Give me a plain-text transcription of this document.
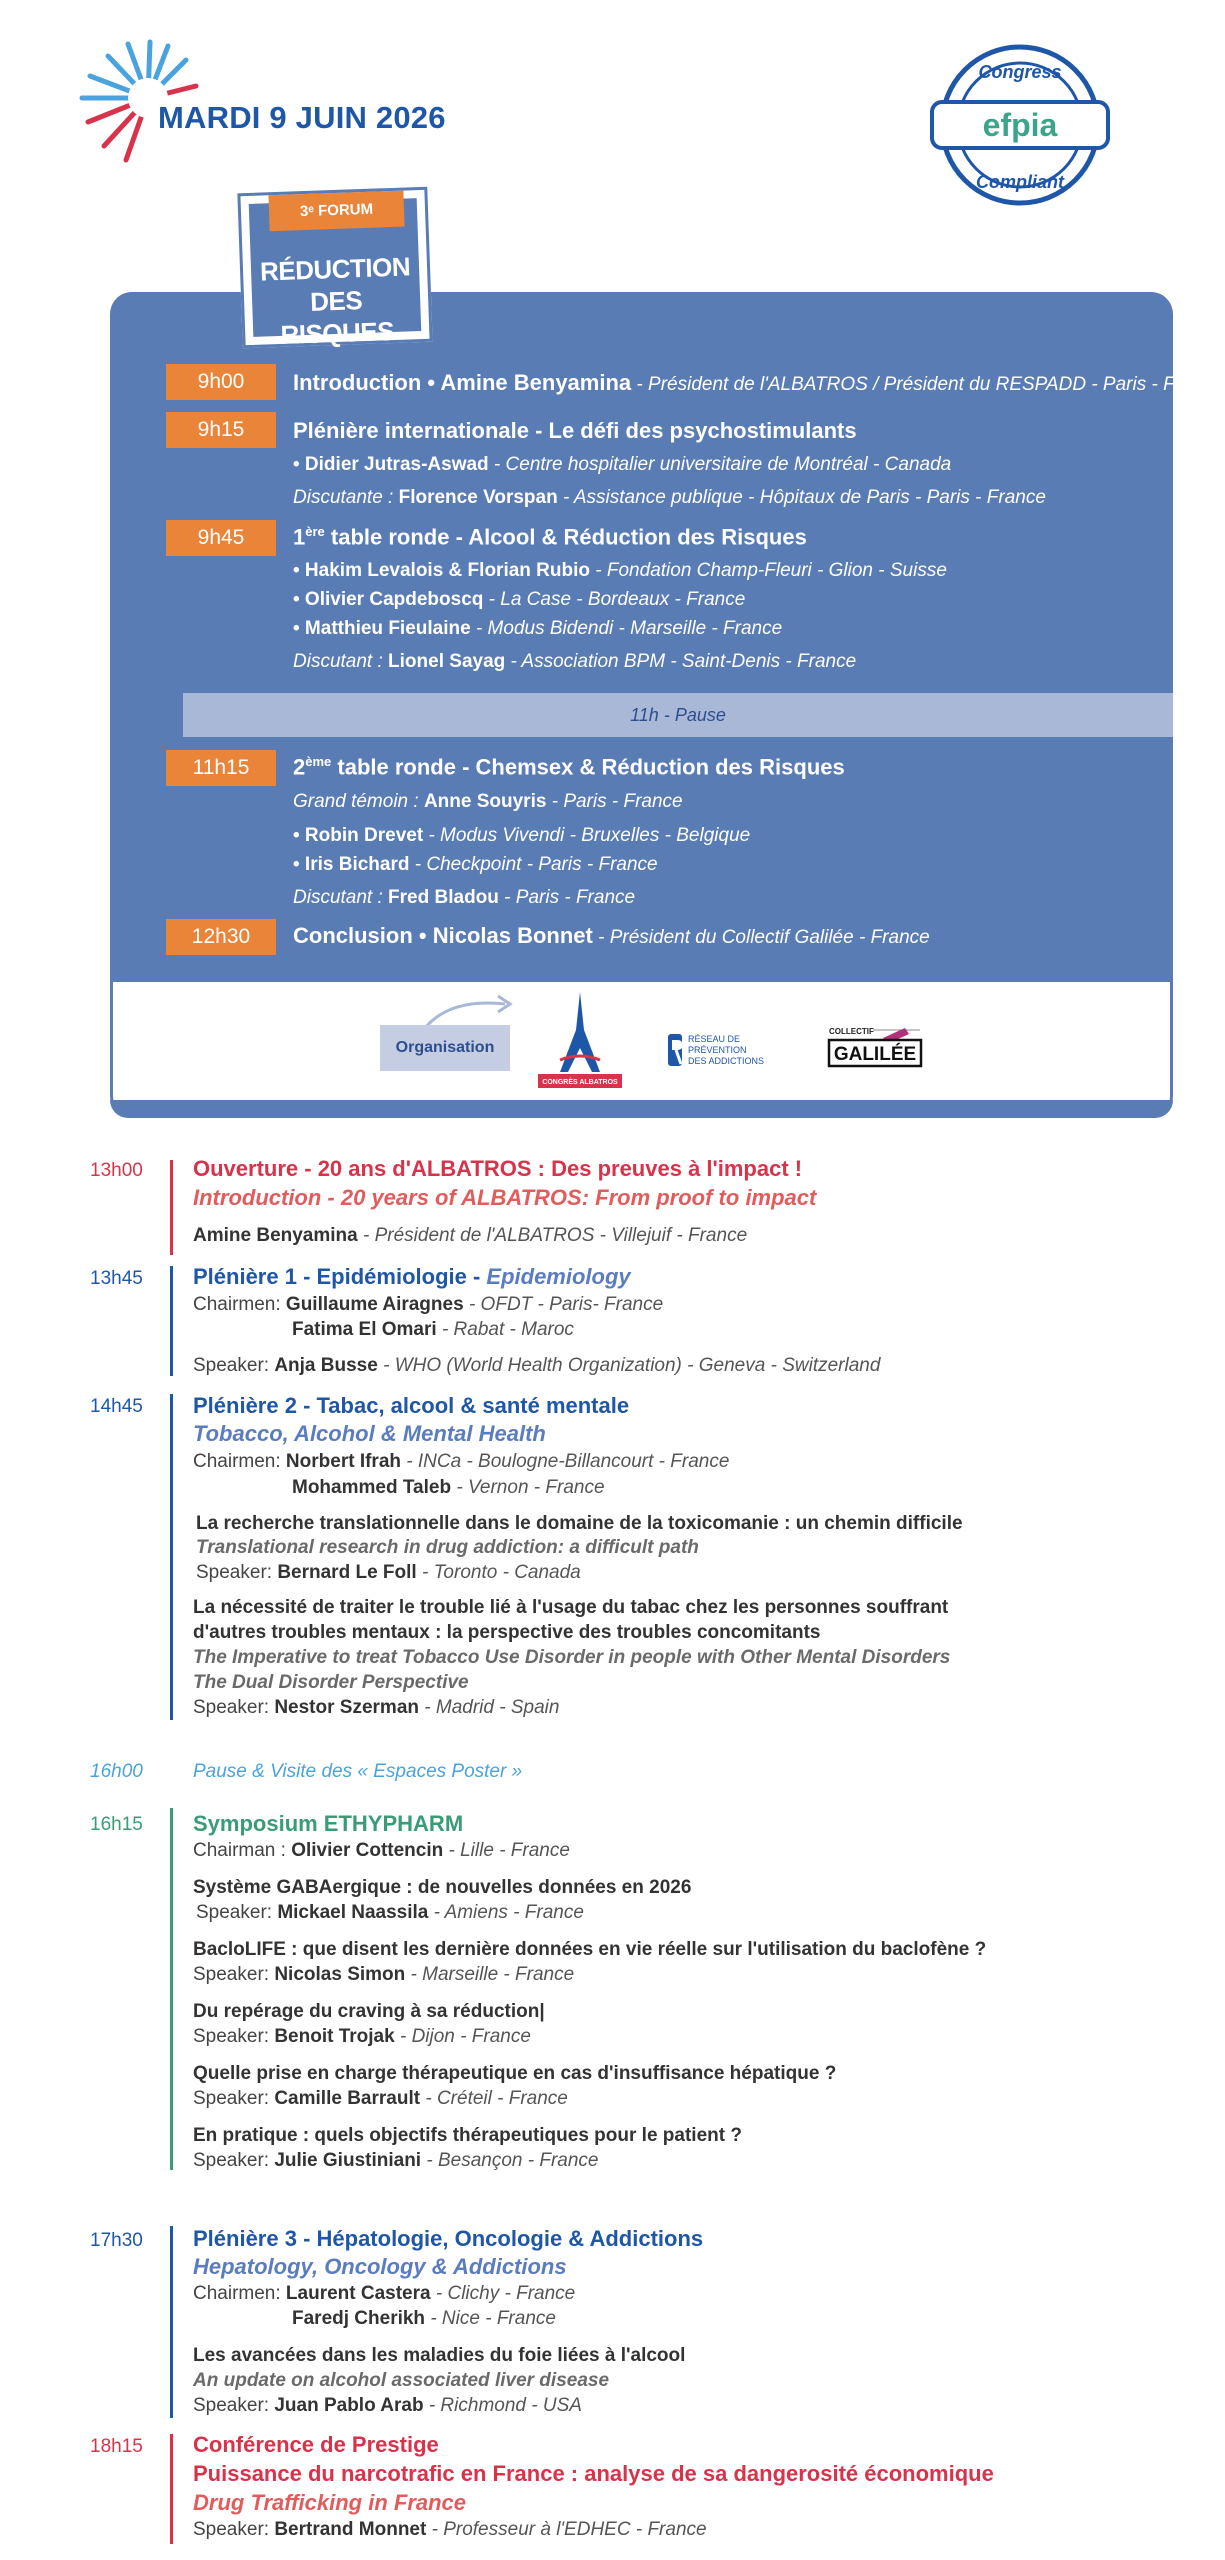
MARDI 9 JUIN 2026
Congress
efpia
Compliant
9h00	Introduction • Amine Benyamina - Président de l'ALBATROS / Président du RESPADD - Paris - France
9h15	Plénière internationale - Le défi des psychostimulants
• Didier Jutras-Aswad - Centre hospitalier universitaire de Montréal - Canada
Discutante : Florence Vorspan - Assistance publique - Hôpitaux de Paris - Paris - France
9h45	1ère table ronde - Alcool & Réduction des Risques
• Hakim Levalois & Florian Rubio - Fondation Champ-Fleuri - Glion - Suisse
• Olivier Capdeboscq - La Case - Bordeaux - France
• Matthieu Fieulaine - Modus Bidendi - Marseille - France
Discutant : Lionel Sayag - Association BPM - Saint-Denis - France
11h - Pause
11h15	2ème table ronde - Chemsex & Réduction des Risques
Grand témoin : Anne Souyris - Paris - France
• Robin Drevet - Modus Vivendi - Bruxelles - Belgique
• Iris Bichard - Checkpoint - Paris - France
Discutant : Fred Bladou - Paris - France
12h30	Conclusion • Nicolas Bonnet - Président du Collectif Galilée - France
3ᵉ FORUM
RÉDUCTION
DES RISQUES
Organisation
CONGRÈS ALBATROS
RÉSEAU DE
PRÉVENTION
DES ADDICTIONS
COLLECTIF
GALILÉE
13h00 Ouverture - 20 ans d'ALBATROS : Des preuves à l'impact !
Introduction - 20 years of ALBATROS: From proof to impact
Amine Benyamina - Président de l'ALBATROS - Villejuif - France
13h45 Plénière 1 - Epidémiologie - Epidemiology
Chairmen: Guillaume Airagnes - OFDT - Paris- France
Fatima El Omari - Rabat - Maroc
Speaker: Anja Busse - WHO (World Health Organization) - Geneva - Switzerland
14h45 Plénière 2 - Tabac, alcool & santé mentale
Tobacco, Alcohol & Mental Health
Chairmen: Norbert Ifrah - INCa - Boulogne-Billancourt - France
Mohammed Taleb - Vernon - France
La recherche translationnelle dans le domaine de la toxicomanie : un chemin difficile
Translational research in drug addiction: a difficult path
Speaker: Bernard Le Foll - Toronto - Canada
La nécessité de traiter le trouble lié à l'usage du tabac chez les personnes souffrant
d'autres troubles mentaux : la perspective des troubles concomitants
The Imperative to treat Tobacco Use Disorder in people with Other Mental Disorders
The Dual Disorder Perspective
Speaker: Nestor Szerman - Madrid - Spain
16h00	Pause & Visite des « Espaces Poster »
16h15 Symposium ETHYPHARM
Chairman : Olivier Cottencin - Lille - France
Système GABAergique : de nouvelles données en 2026
Speaker: Mickael Naassila - Amiens - France
BacloLIFE : que disent les dernière données en vie réelle sur l'utilisation du baclofène ?
Speaker: Nicolas Simon - Marseille - France
Du repérage du craving à sa réduction|
Speaker: Benoit Trojak - Dijon - France
Quelle prise en charge thérapeutique en cas d'insuffisance hépatique ?
Speaker: Camille Barrault - Créteil - France
En pratique : quels objectifs thérapeutiques pour le patient ?
Speaker: Julie Giustiniani - Besançon - France
17h30 Plénière 3 - Hépatologie, Oncologie & Addictions
Hepatology, Oncology & Addictions
Chairmen: Laurent Castera - Clichy - France
Faredj Cherikh - Nice - France
Les avancées dans les maladies du foie liées à l'alcool
An update on alcohol associated liver disease
Speaker: Juan Pablo Arab - Richmond - USA
18h15 Conférence de Prestige
Puissance du narcotrafic en France : analyse de sa dangerosité économique
Drug Trafficking in France
Speaker: Bertrand Monnet - Professeur à l'EDHEC - France
